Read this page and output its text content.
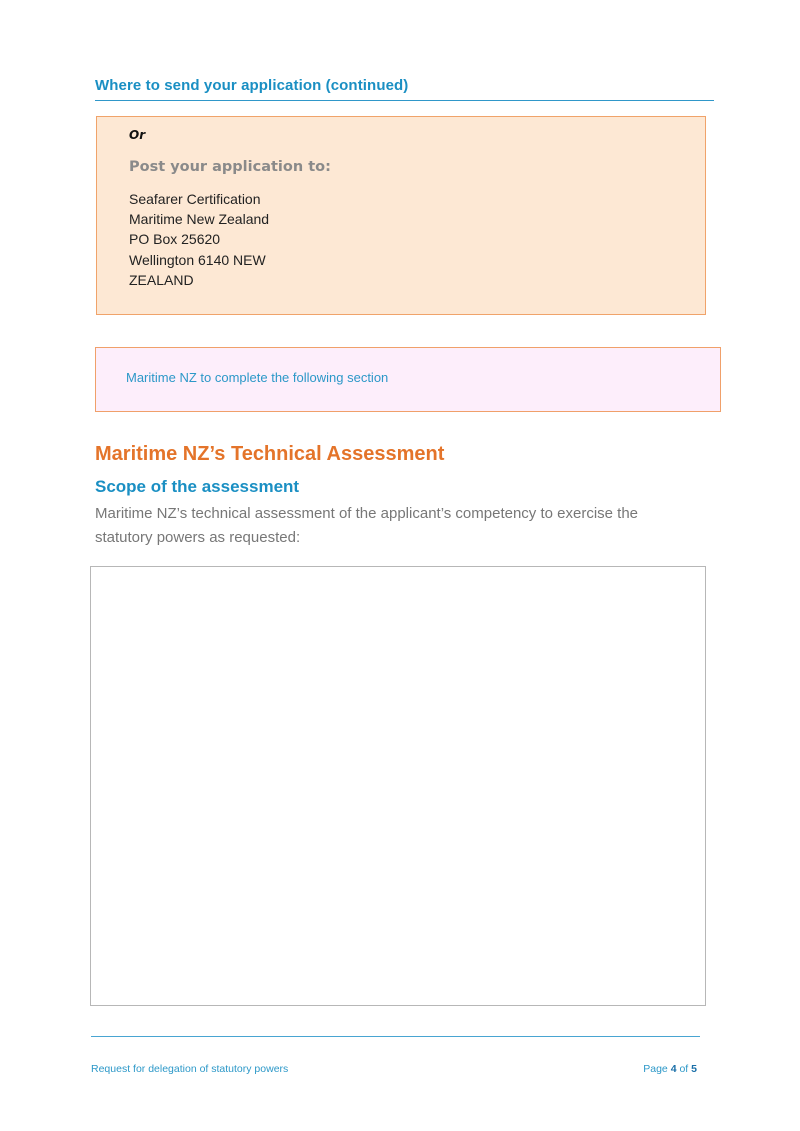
Where to send your application (continued)
Or
Post your application to:
Seafarer Certification
Maritime New Zealand
PO Box 25620
Wellington 6140 NEW
ZEALAND
Maritime NZ to complete the following section
Maritime NZ’s Technical Assessment
Scope of the assessment

Maritime NZ’s technical assessment of the applicant’s competency to exercise the statutory powers as requested:

Request for delegation of statutory powers	Page 4 of 5
